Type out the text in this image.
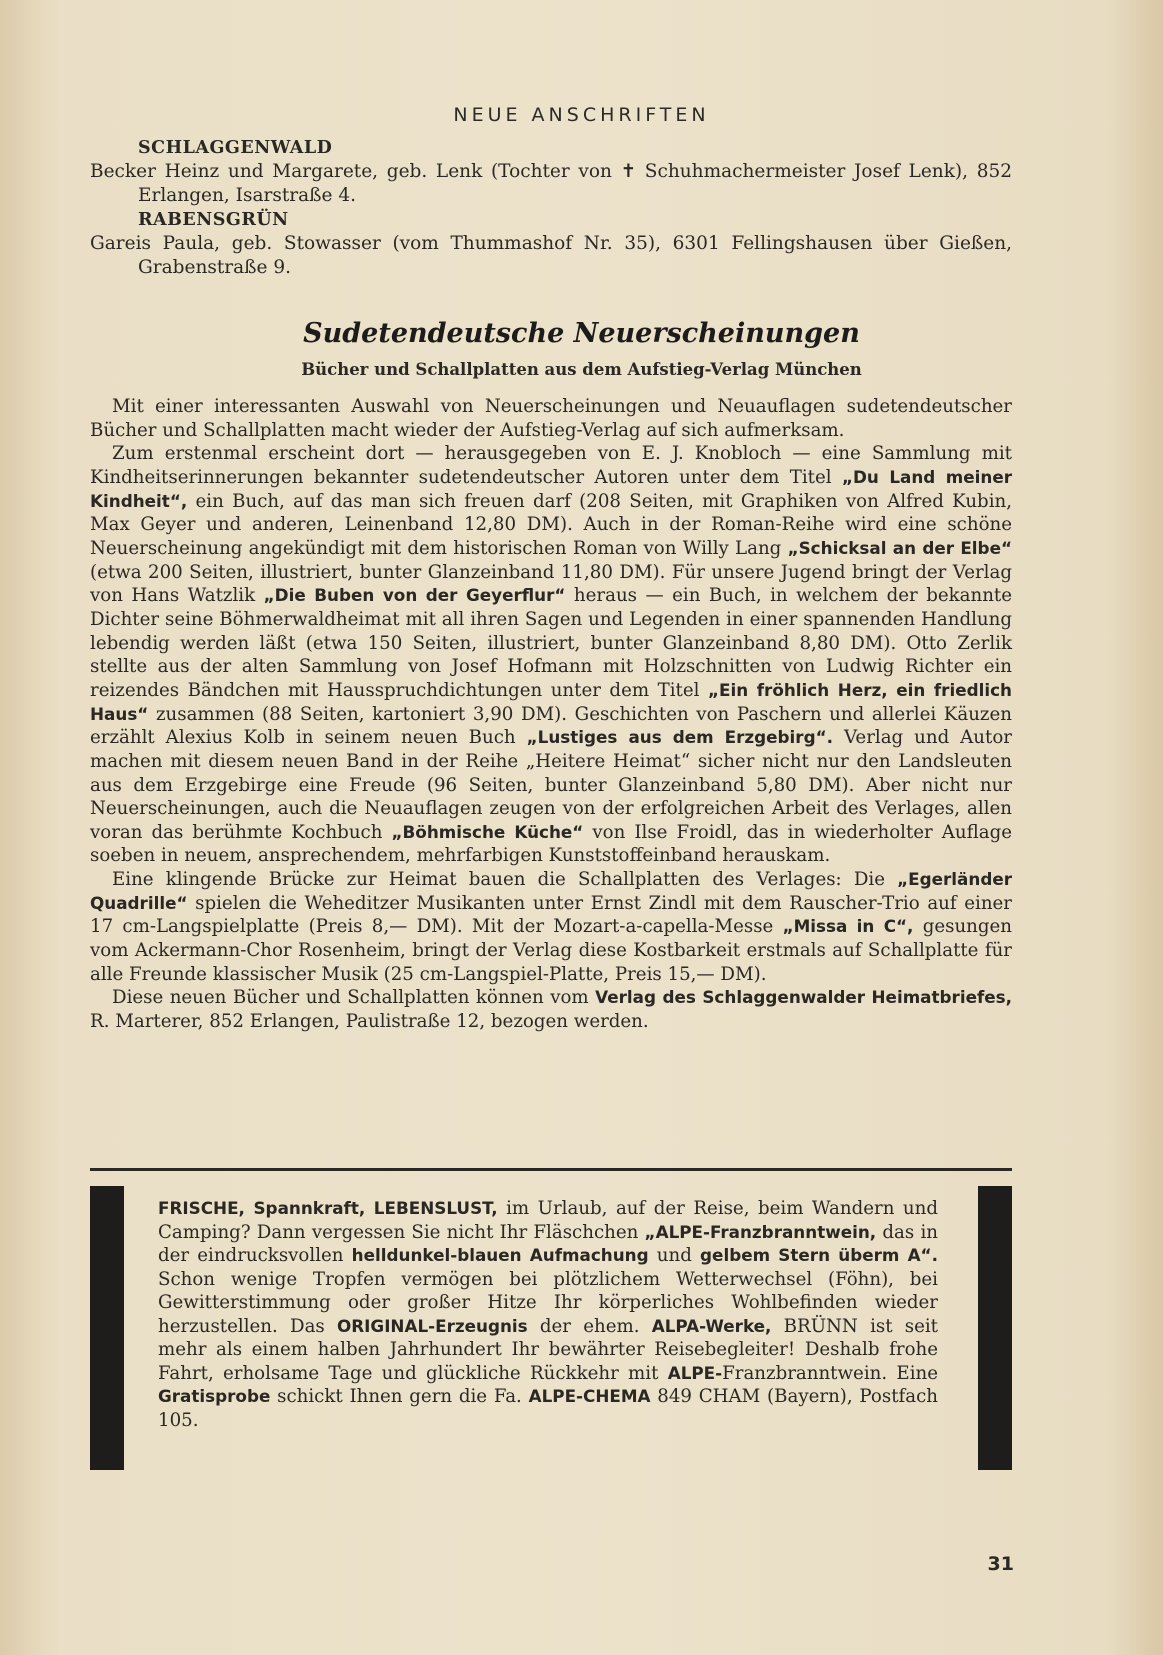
NEUE ANSCHRIFTEN
SCHLAGGENWALD
Becker Heinz und Margarete, geb. Lenk (Tochter von ✝ Schuhmachermeister Josef Lenk), 852 Erlangen, Isarstraße 4.
RABENSGRÜN
Gareis Paula, geb. Stowasser (vom Thummashof Nr. 35), 6301 Fellingshausen über Gießen, Grabenstraße 9.
Sudetendeutsche Neuerscheinungen
Bücher und Schallplatten aus dem Aufstieg-Verlag München

Mit einer interessanten Auswahl von Neuerscheinungen und Neuauflagen sudetendeutscher Bücher und Schallplatten macht wieder der Aufstieg-Verlag auf sich aufmerksam.

Zum erstenmal erscheint dort — herausgegeben von E. J. Knobloch — eine Sammlung mit Kindheitserinnerungen bekannter sudetendeutscher Autoren unter dem Titel „Du Land meiner Kindheit“, ein Buch, auf das man sich freuen darf (208 Seiten, mit Graphiken von Alfred Kubin, Max Geyer und anderen, Leinenband 12,80 DM). Auch in der Roman-Reihe wird eine schöne Neuerscheinung angekündigt mit dem historischen Roman von Willy Lang „Schicksal an der Elbe“ (etwa 200 Seiten, illustriert, bunter Glanzeinband 11,80 DM). Für unsere Jugend bringt der Verlag von Hans Watzlik „Die Buben von der Geyerflur“ heraus — ein Buch, in welchem der bekannte Dichter seine Böhmerwaldheimat mit all ihren Sagen und Legenden in einer spannenden Handlung lebendig werden läßt (etwa 150 Seiten, illustriert, bunter Glanzeinband 8,80 DM). Otto Zerlik stellte aus der alten Sammlung von Josef Hofmann mit Holzschnitten von Ludwig Richter ein reizendes Bändchen mit Hausspruchdichtungen unter dem Titel „Ein fröhlich Herz, ein friedlich Haus“ zusammen (88 Seiten, kartoniert 3,90 DM). Geschichten von Paschern und allerlei Käuzen erzählt Alexius Kolb in seinem neuen Buch „Lustiges aus dem Erzgebirg“. Verlag und Autor machen mit diesem neuen Band in der Reihe „Heitere Heimat“ sicher nicht nur den Landsleuten aus dem Erzgebirge eine Freude (96 Seiten, bunter Glanzeinband 5,80 DM). Aber nicht nur Neuerscheinungen, auch die Neuauflagen zeugen von der erfolgreichen Arbeit des Verlages, allen voran das berühmte Kochbuch „Böhmische Küche“ von Ilse Froidl, das in wiederholter Auflage soeben in neuem, ansprechendem, mehrfarbigen Kunststoffeinband herauskam.

Eine klingende Brücke zur Heimat bauen die Schallplatten des Verlages: Die „Egerländer Quadrille“ spielen die Weheditzer Musikanten unter Ernst Zindl mit dem Rauscher-Trio auf einer 17 cm-Langspielplatte (Preis 8,— DM). Mit der Mozart-a-capella-Messe „Missa in C“, gesungen vom Ackermann-Chor Rosenheim, bringt der Verlag diese Kostbarkeit erstmals auf Schallplatte für alle Freunde klassischer Musik (25 cm-Langspiel-Platte, Preis 15,— DM).

Diese neuen Bücher und Schallplatten können vom Verlag des Schlaggenwalder Heimatbriefes, R. Marterer, 852 Erlangen, Paulistraße 12, bezogen werden.

FRISCHE, Spannkraft, LEBENSLUST, im Urlaub, auf der Reise, beim Wandern und Camping? Dann vergessen Sie nicht Ihr Fläschchen „ALPE-Franzbranntwein, das in der eindrucksvollen helldunkel-blauen Aufmachung und gelbem Stern überm A“. Schon wenige Tropfen vermögen bei plötzlichem Wetterwechsel (Föhn), bei Gewitterstimmung oder großer Hitze Ihr körperliches Wohlbefinden wieder herzustellen. Das ORIGINAL-Erzeugnis der ehem. ALPA-Werke, BRÜNN ist seit mehr als einem halben Jahrhundert Ihr bewährter Reisebegleiter! Deshalb frohe Fahrt, erholsame Tage und glückliche Rückkehr mit ALPE-Franzbranntwein. Eine Gratisprobe schickt Ihnen gern die Fa. ALPE-CHEMA 849 CHAM (Bayern), Postfach 105.
31
